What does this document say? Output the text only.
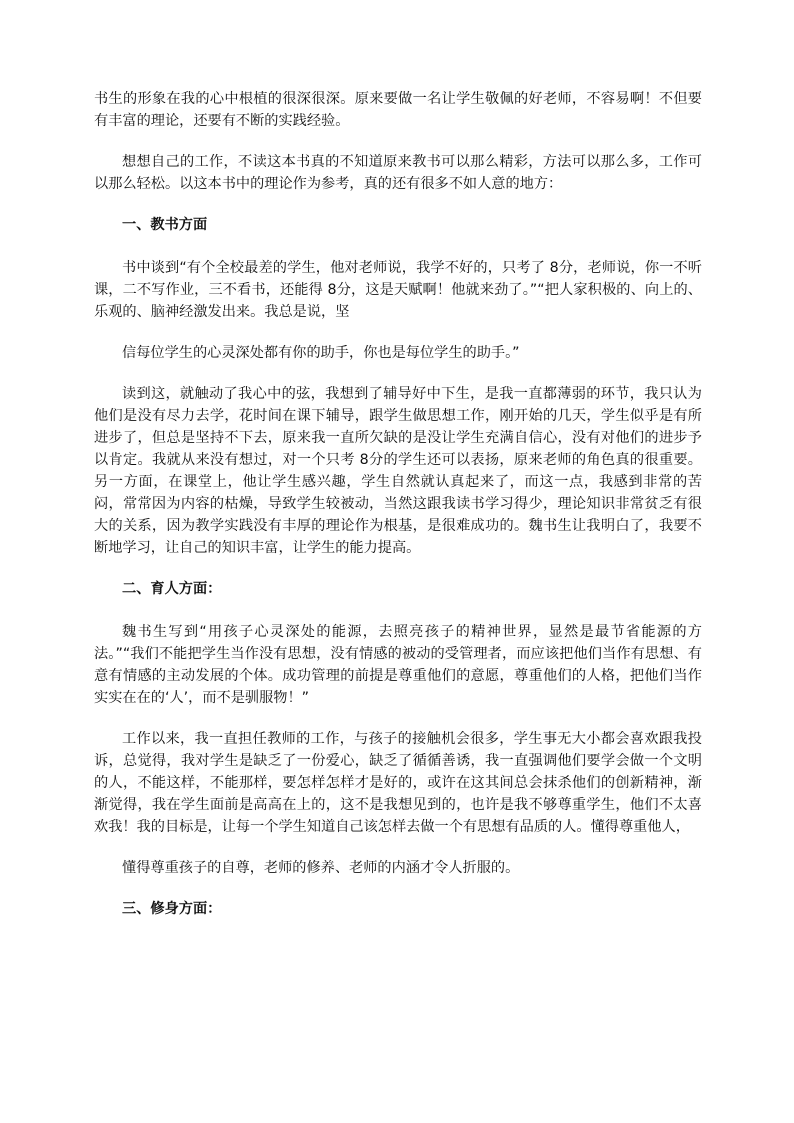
书生的形象在我的心中根植的很深很深。原来要做一名让学生敬佩的好老师，不容易啊！不但要有丰富的理论，还要有不断的实践经验。

想想自己的工作，不读这本书真的不知道原来教书可以那么精彩，方法可以那么多，工作可以那么轻松。以这本书中的理论作为参考，真的还有很多不如人意的地方：

一、教书方面

书中谈到“有个全校最差的学生，他对老师说，我学不好的，只考了 8分，老师说，你一不听课，二不写作业，三不看书，还能得 8分，这是天赋啊！他就来劲了。”“把人家积极的、向上的、乐观的、脑神经激发出来。我总是说，坚

信每位学生的心灵深处都有你的助手，你也是每位学生的助手。”

读到这，就触动了我心中的弦，我想到了辅导好中下生，是我一直都薄弱的环节，我只认为他们是没有尽力去学，花时间在课下辅导，跟学生做思想工作，刚开始的几天，学生似乎是有所进步了，但总是坚持不下去，原来我一直所欠缺的是没让学生充满自信心，没有对他们的进步予以肯定。我就从来没有想过，对一个只考 8分的学生还可以表扬，原来老师的角色真的很重要。另一方面，在课堂上，他让学生感兴趣，学生自然就认真起来了，而这一点，我感到非常的苦闷，常常因为内容的枯燥，导致学生较被动，当然这跟我读书学习得少，理论知识非常贫乏有很大的关系，因为教学实践没有丰厚的理论作为根基，是很难成功的。魏书生让我明白了，我要不断地学习，让自己的知识丰富，让学生的能力提高。

二、育人方面：

魏书生写到“用孩子心灵深处的能源，去照亮孩子的精神世界，显然是最节省能源的方法。”“我们不能把学生当作没有思想，没有情感的被动的受管理者，而应该把他们当作有思想、有意有情感的主动发展的个体。成功管理的前提是尊重他们的意愿，尊重他们的人格，把他们当作实实在在的‘人’，而不是驯服物！”

工作以来，我一直担任教师的工作，与孩子的接触机会很多，学生事无大小都会喜欢跟我投诉，总觉得，我对学生是缺乏了一份爱心，缺乏了循循善诱，我一直强调他们要学会做一个文明的人，不能这样，不能那样，要怎样怎样才是好的，或许在这其间总会抹杀他们的创新精神，渐渐觉得，我在学生面前是高高在上的，这不是我想见到的，也许是我不够尊重学生，他们不太喜欢我！我的目标是，让每一个学生知道自己该怎样去做一个有思想有品质的人。懂得尊重他人，

懂得尊重孩子的自尊，老师的修养、老师的内涵才令人折服的。

三、修身方面：
